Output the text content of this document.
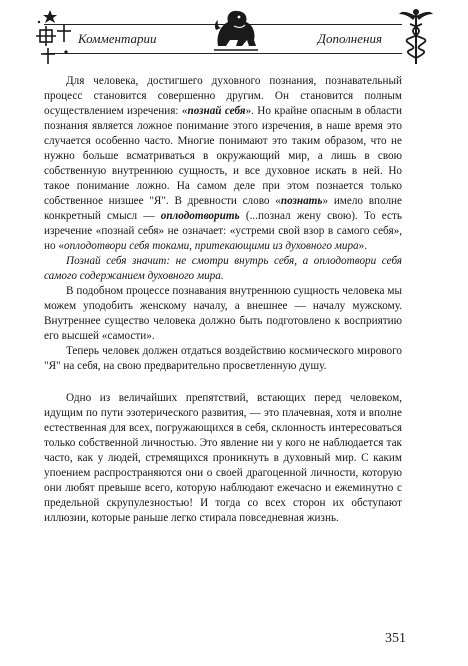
Комментарии	Дополнения

Для человека, достигшего духовного познания, познавательный процесс становится совершенно другим. Он становится полным осуществлением изречения: «познай себя». Но крайне опасным в области познания является ложное понимание этого изречения, в наше время это случается особенно часто. Многие понимают это таким образом, что не нужно больше всматриваться в окружающий мир, а лишь в свою собственную внутреннюю сущность, и все духовное искать в ней. Но такое понимание ложно. На самом деле при этом познается только собственное низшее "Я". В древности слово «познать» имело вполне конкретный смысл — оплодотворить (...познал жену свою). То есть изречение «познай себя» не означает: «устреми свой взор в самого себя», но «оплодотвори себя токами, притекающими из духовного мира».

Познай себя значит: не смотри внутрь себя, а оплодотвори себя самого содержанием духовного мира.

В подобном процессе познавания внутреннюю сущность человека мы можем уподобить женскому началу, а внешнее — началу мужскому. Внутреннее существо человека должно быть подготовлено к восприятию его высшей «самости».

Теперь человек должен отдаться воздействию космического мирового "Я" на себя, на свою предварительно просветленную душу.

Одно из величайших препятствий, встающих перед человеком, идущим по пути эзотерического развития, — это плачевная, хотя и вполне естественная для всех, погружающихся в себя, склонность интересоваться только собственной личностью. Это явление ни у кого не наблюдается так часто, как у людей, стремящихся проникнуть в духовный мир. С каким упоением распространяются они о своей драгоценной личности, которую они любят превыше всего, которую наблюдают ежечасно и ежеминутно с предельной скрупулезностью! И тогда со всех сторон их обступают иллюзии, которые раньше легко стирала повседневная жизнь.

351
